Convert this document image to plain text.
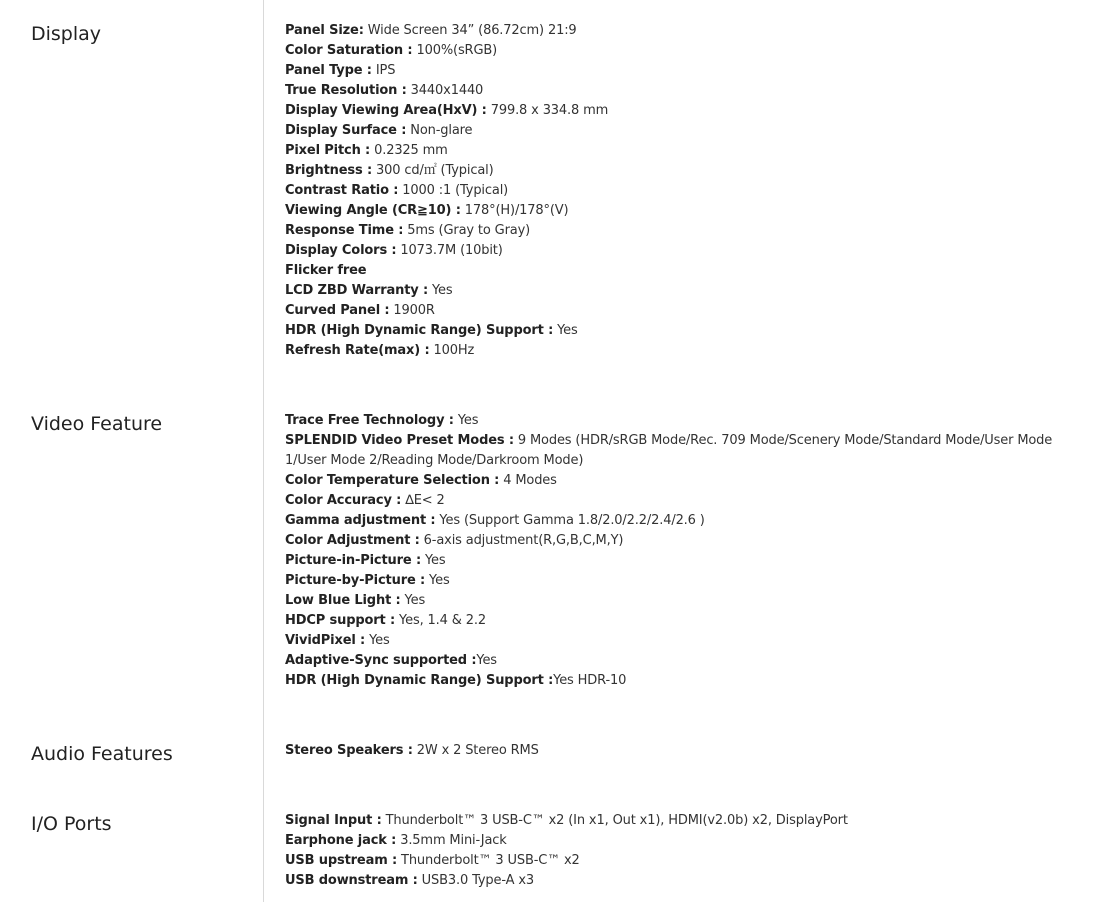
Display	Panel Size: Wide Screen 34” (86.72cm) 21:9
Color Saturation : 100%(sRGB)
Panel Type : IPS
True Resolution : 3440x1440
Display Viewing Area(HxV) : 799.8 x 334.8 mm
Display Surface : Non-glare
Pixel Pitch : 0.2325 mm
Brightness : 300 cd/㎡ (Typical)
Contrast Ratio : 1000 :1 (Typical)
Viewing Angle (CR≧10) : 178°(H)/178°(V)
Response Time : 5ms (Gray to Gray)
Display Colors : 1073.7M (10bit)
Flicker free
LCD ZBD Warranty : Yes
Curved Panel : 1900R
HDR (High Dynamic Range) Support : Yes
Refresh Rate(max) : 100Hz
Video Feature	Trace Free Technology : Yes
SPLENDID Video Preset Modes : 9 Modes (HDR/sRGB Mode/Rec. 709 Mode/Scenery Mode/Standard Mode/User Mode 1/User Mode 2/Reading Mode/Darkroom Mode)
Color Temperature Selection : 4 Modes
Color Accuracy : ∆E< 2
Gamma adjustment : Yes (Support Gamma 1.8/2.0/2.2/2.4/2.6 )
Color Adjustment : 6-axis adjustment(R,G,B,C,M,Y)
Picture-in-Picture : Yes
Picture-by-Picture : Yes
Low Blue Light : Yes
HDCP support : Yes, 1.4 & 2.2
VividPixel : Yes
Adaptive-Sync supported :Yes
HDR (High Dynamic Range) Support :Yes HDR-10
Audio Features	Stereo Speakers : 2W x 2 Stereo RMS
I/O Ports	Signal Input : Thunderbolt™ 3 USB-C™ x2 (In x1, Out x1), HDMI(v2.0b) x2, DisplayPort
Earphone jack : 3.5mm Mini-Jack
USB upstream : Thunderbolt™ 3 USB-C™ x2
USB downstream : USB3.0 Type-A x3
